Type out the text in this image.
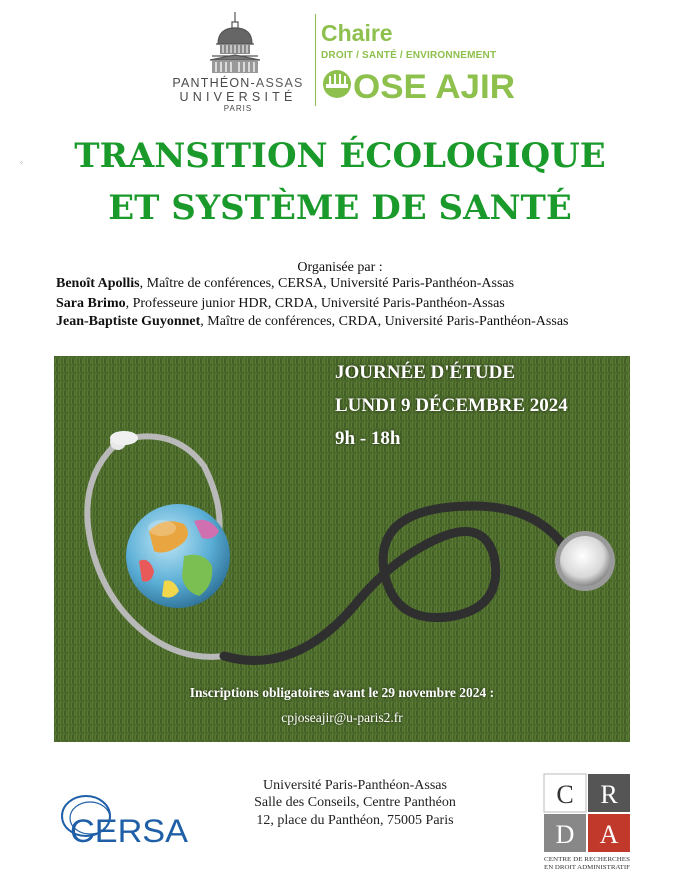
PANTHÉON-ASSAS
UNIVERSITÉ
PARIS
Chaire
DROIT / SANTÉ / ENVIRONNEMENT
OSE AJIR
◦	TRANSITION ÉCOLOGIQUE
ET SYSTÈME DE SANTÉ
Organisée par :
Benoît Apollis, Maître de conférences, CERSA, Université Paris-Panthéon-Assas
Sara Brimo, Professeure junior HDR, CRDA, Université Paris-Panthéon-Assas
Jean-Baptiste Guyonnet, Maître de conférences, CRDA, Université Paris-Panthéon-Assas
JOURNÉE D'ÉTUDE
LUNDI 9 DÉCEMBRE 2024
9h - 18h
Inscriptions obligatoires avant le 29 novembre 2024 :
cpjoseajir@u-paris2.fr
CERSA
Université Paris-Panthéon-Assas
Salle des Conseils, Centre Panthéon
12, place du Panthéon, 75005 Paris
C R
D A
CENTRE DE RECHERCHES
EN DROIT ADMINISTRATIF
